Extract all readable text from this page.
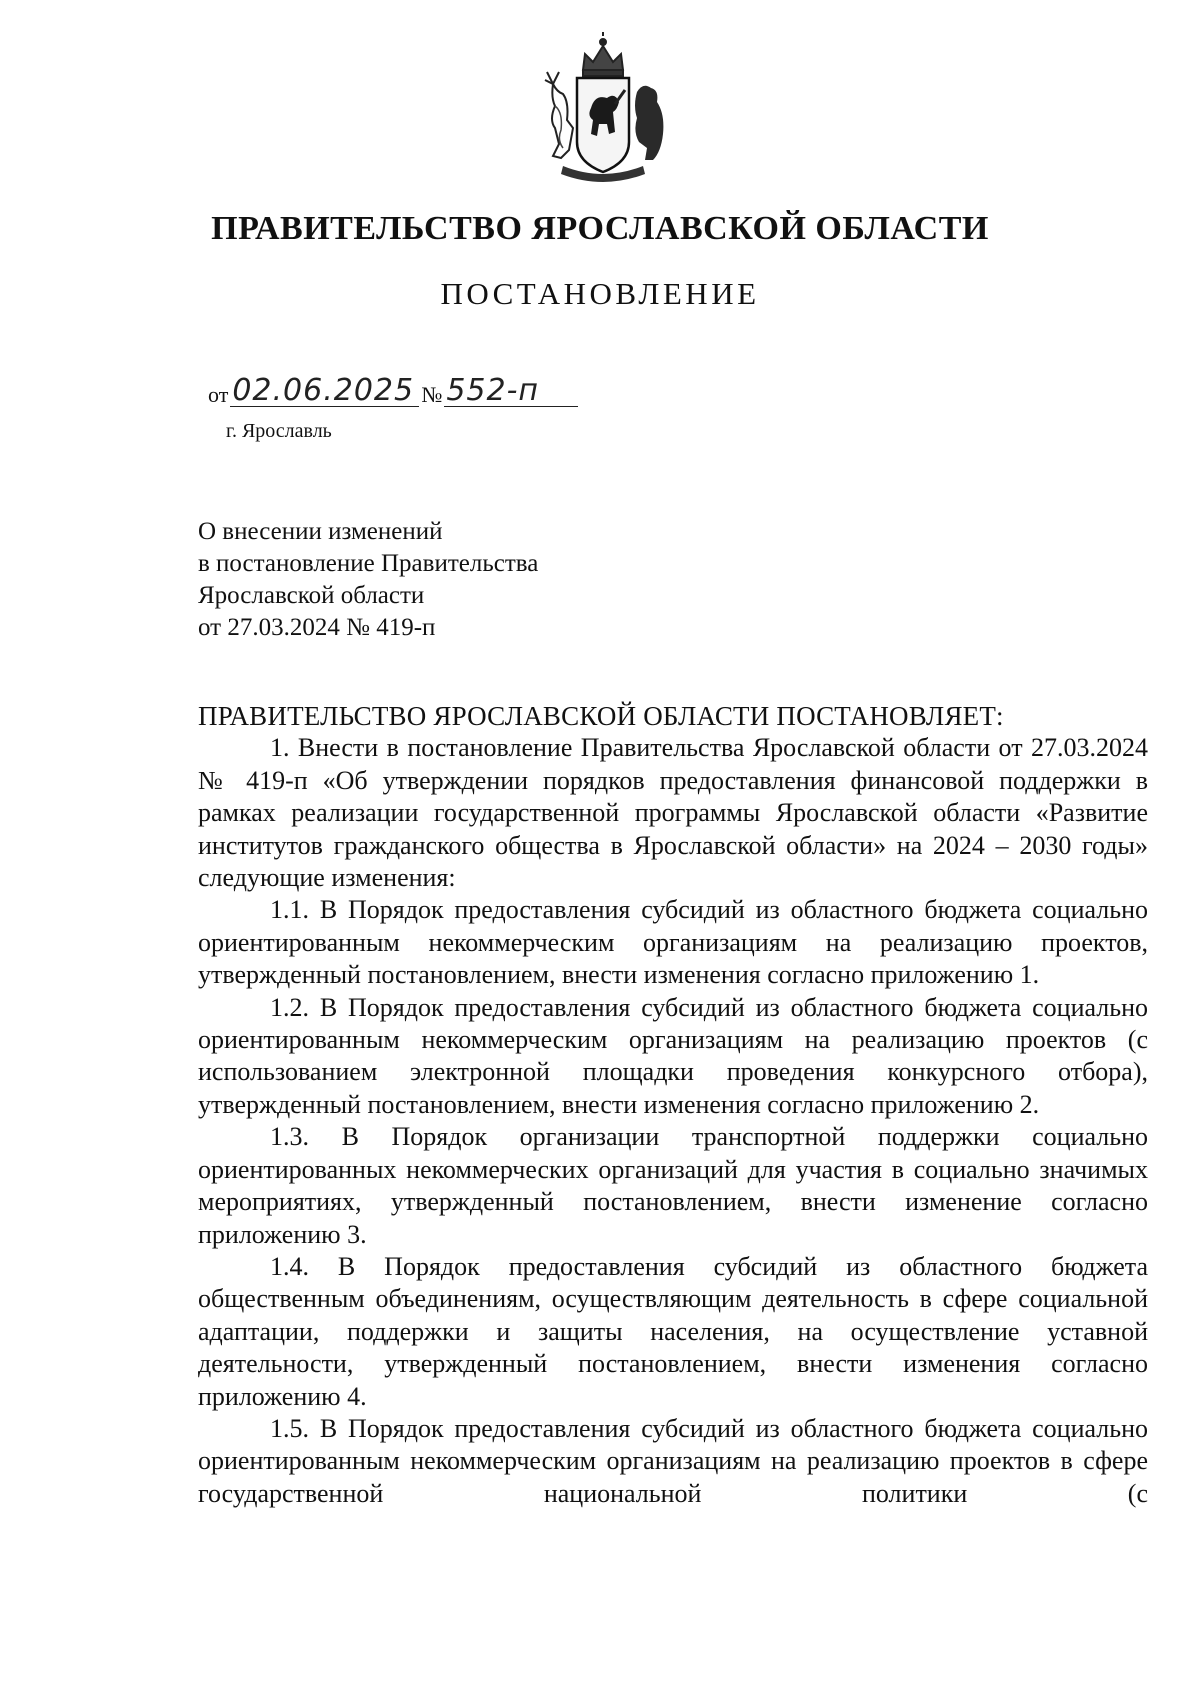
ПРАВИТЕЛЬСТВО ЯРОСЛАВСКОЙ ОБЛАСТИ
ПОСТАНОВЛЕНИЕ
от 02.06.2025 № 552-п
г. Ярославль
О внесении изменений
в постановление Правительства
Ярославской области
от 27.03.2024 № 419-п
ПРАВИТЕЛЬСТВО ЯРОСЛАВСКОЙ ОБЛАСТИ ПОСТАНОВЛЯЕТ:

1. Внести в постановление Правительства Ярославской области от 27.03.2024 № 419-п «Об утверждении порядков предоставления финансовой поддержки в рамках реализации государственной программы Ярославской области «Развитие институтов гражданского общества в Ярославской области» на 2024 – 2030 годы» следующие изменения:

1.1. В Порядок предоставления субсидий из областного бюджета социально ориентированным некоммерческим организациям на реализацию проектов, утвержденный постановлением, внести изменения согласно приложению 1.

1.2. В Порядок предоставления субсидий из областного бюджета социально ориентированным некоммерческим организациям на реализацию проектов (с использованием электронной площадки проведения конкурсного отбора), утвержденный постановлением, внести изменения согласно приложению 2.

1.3. В Порядок организации транспортной поддержки социально ориентированных некоммерческих организаций для участия в социально значимых мероприятиях, утвержденный постановлением, внести изменение согласно приложению 3.

1.4. В Порядок предоставления субсидий из областного бюджета общественным объединениям, осуществляющим деятельность в сфере социальной адаптации, поддержки и защиты населения, на осуществление уставной деятельности, утвержденный постановлением, внести изменения согласно приложению 4.

1.5. В Порядок предоставления субсидий из областного бюджета социально ориентированным некоммерческим организациям на реализацию проектов в сфере государственной национальной политики (с
